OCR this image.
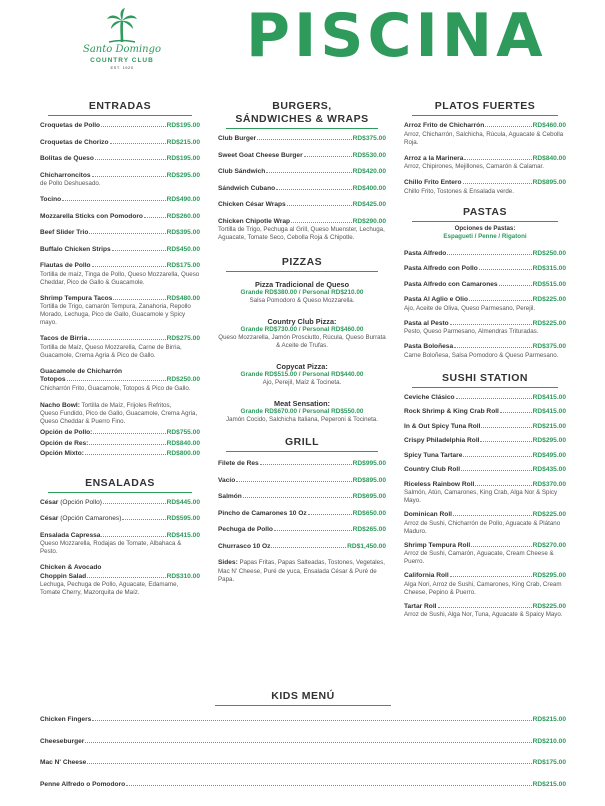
Santo Domingo
COUNTRY CLUB
EST. 1920	PISCINA
ENTRADAS
Croquetas de Pollo	RD$195.00
Croquetas de Chorizo	RD$215.00
Bolitas de Queso	RD$195.00
Chicharroncitos	RD$295.00
de Pollo Deshuesado.
Tocino	RD$490.00
Mozzarella Sticks con Pomodoro	RD$260.00
Beef Slider Trio	RD$395.00
Buffalo Chicken Strips	RD$450.00
Flautas de Pollo	RD$175.00
Tortilla de maíz, Tinga de Pollo, Queso Mozzarella, Queso Cheddar, Pico de Gallo & Guacamole.
Shrimp Tempura Tacos	RD$480.00
Tortilla de Trigo, camarón Tempura, Zanahoria, Repollo Morado, Lechuga, Pico de Gallo, Guacamole y Spicy mayo.
Tacos de Birria	RD$275.00
Tortilla de Maíz, Queso Mozzarella, Carne de Birria, Guacamole, Crema Agria & Pico de Gallo.
Guacamole de Chicharrón
Totopos	RD$250.00
Chicharrón Frito, Guacamole, Totopos & Pico de Gallo.
Nacho Bowl: Tortilla de Maíz, Frijoles Refritos,
Queso Fundido, Pico de Gallo, Guacamole, Crema Agria, Queso Cheddar & Puerro Fino.
Opción de Pollo:	RD$755.00
Opción de Res:	RD$840.00
Opción Mixto:	RD$800.00
ENSALADAS
César (Opción Pollo)	RD$445.00
César (Opción Camarones)	RD$595.00
Ensalada Capressa	RD$415.00
Queso Mozzarella, Rodajas de Tomate, Albahaca & Pesto.
Chicken & Avocado
Choppin Salad	RD$310.00
Lechuga, Pechuga de Pollo, Aguacate, Edamame, Tomate Cherry, Mazorquita de Maíz.
BURGERS,
SÁNDWICHES & WRAPS
Club Burger	RD$375.00
Sweet Goat Cheese Burger	RD$530.00
Club Sándwich	RD$420.00
Sándwich Cubano	RD$400.00
Chicken César Wraps	RD$425.00
Chicken Chipotle Wrap	RD$290.00
Tortilla de Trigo, Pechuga al Grill, Queso Muenster, Lechuga, Aguacate, Tomate Seco, Cebolla Roja & Chipotle.
PIZZAS
Pizza Tradicional de Queso
Grande RD$380.00 / Personal RD$210.00
Salsa Pomodoro & Queso Mozzarella.
Country Club Pizza:
Grande RD$730.00 / Personal RD$460.00
Queso Mozzarella, Jamón Prosciutto, Rúcula, Queso Burrata & Aceite de Trufas.
Copycat Pizza:
Grande RD$515.00 / Personal RD$440.00
Ajo, Perejil, Maíz & Tocineta.
Meat Sensation:
Grande RD$670.00 / Personal RD$550.00
Jamón Cocido, Salchicha Italiana, Peperoni & Tocineta.
GRILL
Filete de Res	RD$995.00
Vacío	RD$895.00
Salmón	RD$695.00
Pincho de Camarones 10 Oz	RD$650.00
Pechuga de Pollo	RD$265.00
Churrasco 10 Oz	RD$1,450.00
Sides: Papas Fritas, Papas Salteadas, Tostones, Vegetales, Mac N' Cheese, Puré de yuca, Ensalada César & Puré de Papa.
PLATOS FUERTES
Arroz Frito de Chicharrón	RD$460.00
Arroz, Chicharrón, Salchicha, Rúcula, Aguacate & Cebolla Roja.
Arroz a la Marinera	RD$840.00
Arroz, Chipirones, Mejillones, Camarón & Calamar.
Chillo Frito Entero	RD$895.00
Chillo Frito, Tostones & Ensalada verde.
PASTAS
Opciones de Pastas:
Espagueti / Penne / Rigatoni
Pasta Alfredo	RD$250.00
Pasta Alfredo con Pollo	RD$315.00
Pasta Alfredo con Camarones	RD$515.00
Pasta Al Aglio e Olio	RD$225.00
Ajo, Aceite de Oliva, Queso Parmesano, Perejil.
Pasta al Pesto	RD$225.00
Pesto, Queso Parmesano, Almendras Trituradas.
Pasta Boloñesa	RD$375.00
Carne Boloñesa, Salsa Pomodoro & Queso Parmesano.
SUSHI STATION
Ceviche Clásico	RD$415.00
Rock Shrimp & King Crab Roll	RD$415.00
In & Out Spicy Tuna Roll	RD$215.00
Crispy Philadelphia Roll	RD$295.00
Spicy Tuna Tartare	RD$495.00
Country Club Roll	RD$435.00
Riceless Rainbow Roll	RD$370.00
Salmón, Atún, Camarones, King Crab, Alga Nor & Spicy Mayo.
Dominican Roll	RD$225.00
Arroz de Sushi, Chicharrón de Pollo, Aguacate & Plátano Maduro.
Shrimp Tempura Roll	RD$270.00
Arroz de Sushi, Camarón, Aguacate, Cream Cheese & Puerro.
California Roll	RD$295.00
Alga Nori, Arroz de Sushi, Camarones, King Crab, Cream Cheese, Pepino & Puerro.
Tartar Roll	RD$225.00
Arroz de Sushi, Alga Nor, Tuna, Aguacate & Spaicy Mayo.
KIDS MENÚ
Chicken Fingers	RD$215.00
Cheeseburger	RD$210.00
Mac N' Cheese	RD$175.00
Penne Alfredo o Pomodoro	RD$215.00
